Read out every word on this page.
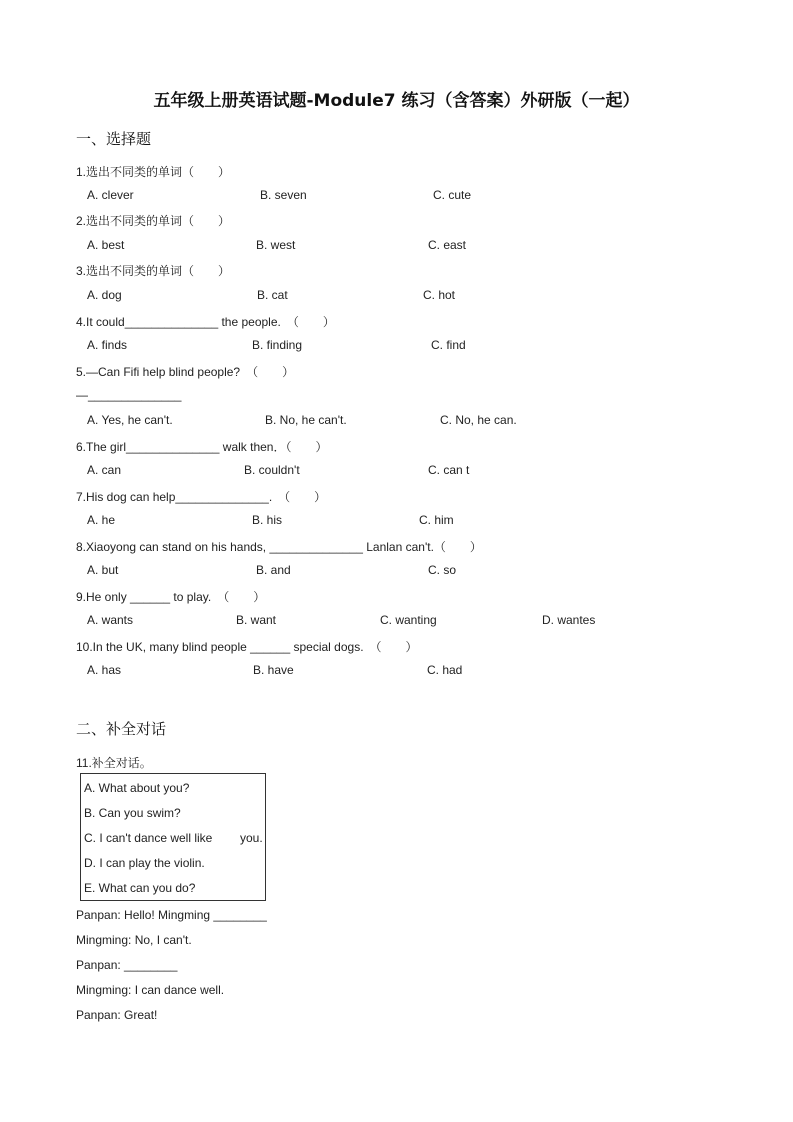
五年级上册英语试题-Module7 练习（含答案）外研版（一起）
一、选择题
1.选出不同类的单词（　　）
A. clever	B. seven	C. cute
2.选出不同类的单词（　　）
A. best	B. west	C. east
3.选出不同类的单词（　　）
A. dog	B. cat	C. hot
4.It could______________ the people.　（　　）
A. finds	B. finding	C. find
5.—Can Fifi help blind people?　（　　）
—______________
A. Yes, he can't.	B. No, he can't.	C. No, he can.
6.The girl______________ walk then．（　　）
A. can	B. couldn't	C. can t
7.His dog can help______________.　（　　）
A. he	B. his	C. him
8.Xiaoyong can stand on his hands, ______________ Lanlan can't.（　　）
A. but	B. and	C. so
9.He only ______ to play.　（　　）
A. wants	B. want	C. wanting	D. wantes
10.In the UK, many blind people ______ special dogs.　（　　）
A. has	B. have	C. had
二、补全对话
11.补全对话。
A. What about you?
B. Can you swim?
C. I can't dance well like you.
D. I can play the violin.
E. What can you do?
Panpan: Hello! Mingming ________
Mingming: No, I can't.
Panpan: ________
Mingming: I can dance well.
Panpan: Great!
